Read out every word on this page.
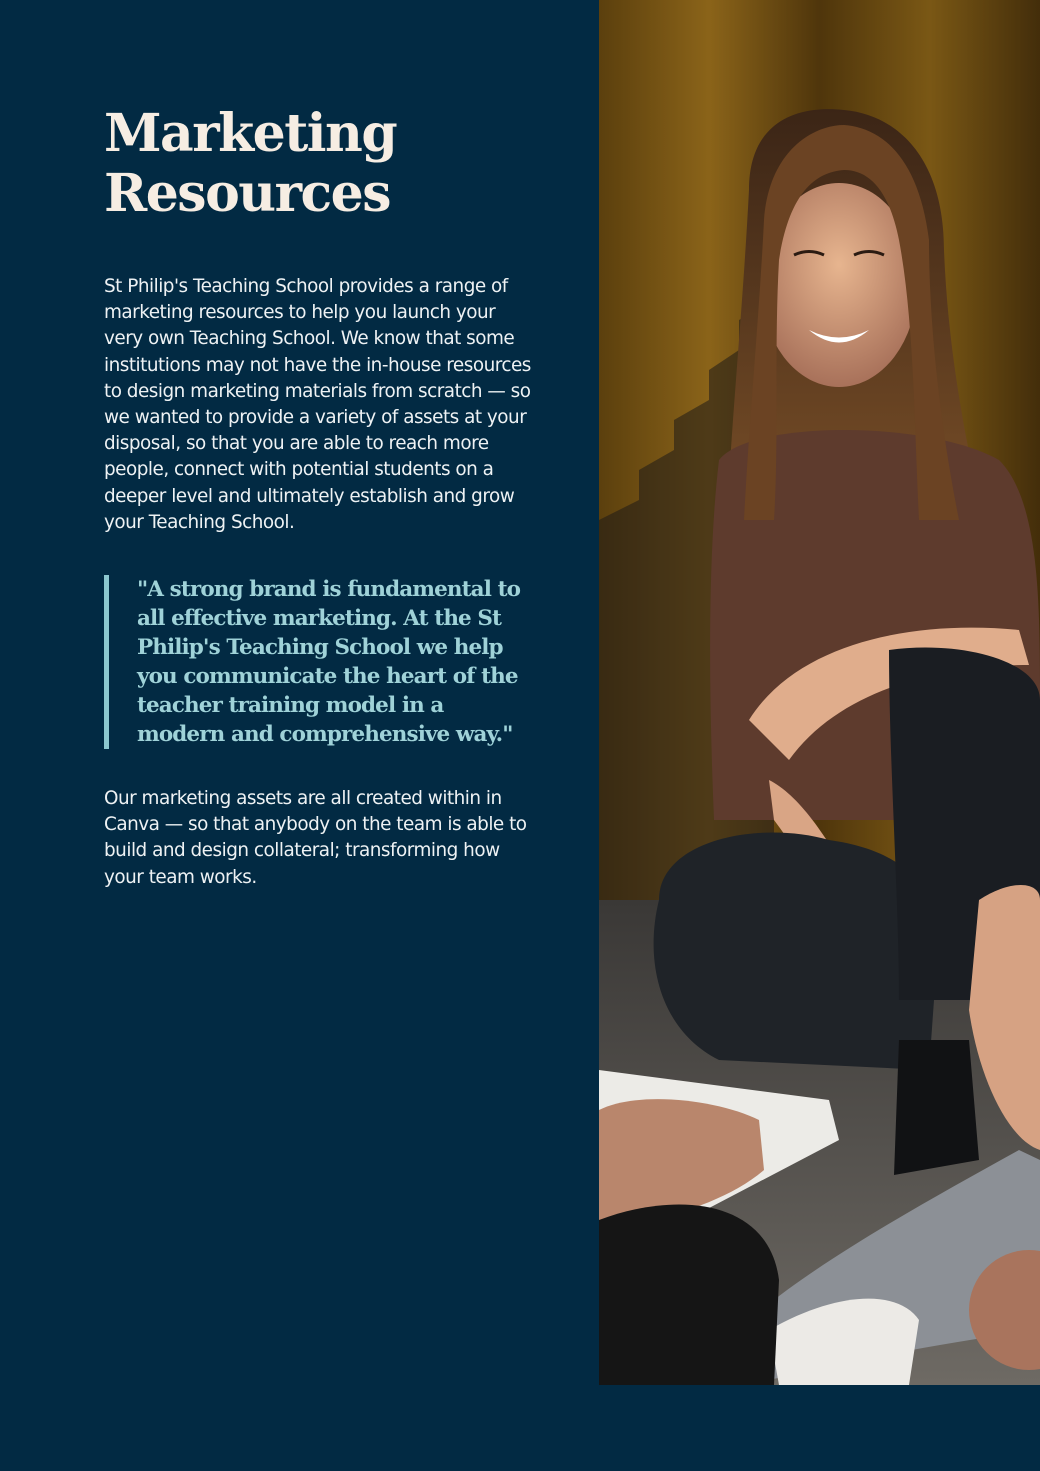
Marketing
Resources

St Philip's Teaching School provides a range of marketing resources to help you launch your very own Teaching School. We know that some institutions may not have the in-house resources to design marketing materials from scratch — so we wanted to provide a variety of assets at your disposal, so that you are able to reach more people, connect with potential students on a deeper level and ultimately establish and grow your Teaching School.

"A strong brand is fundamental to all effective marketing. At the St Philip's Teaching School we help you communicate the heart of the teacher training model in a modern and comprehensive way."

Our marketing assets are all created within in Canva — so that anybody on the team is able to build and design collateral; transforming how your team works.
